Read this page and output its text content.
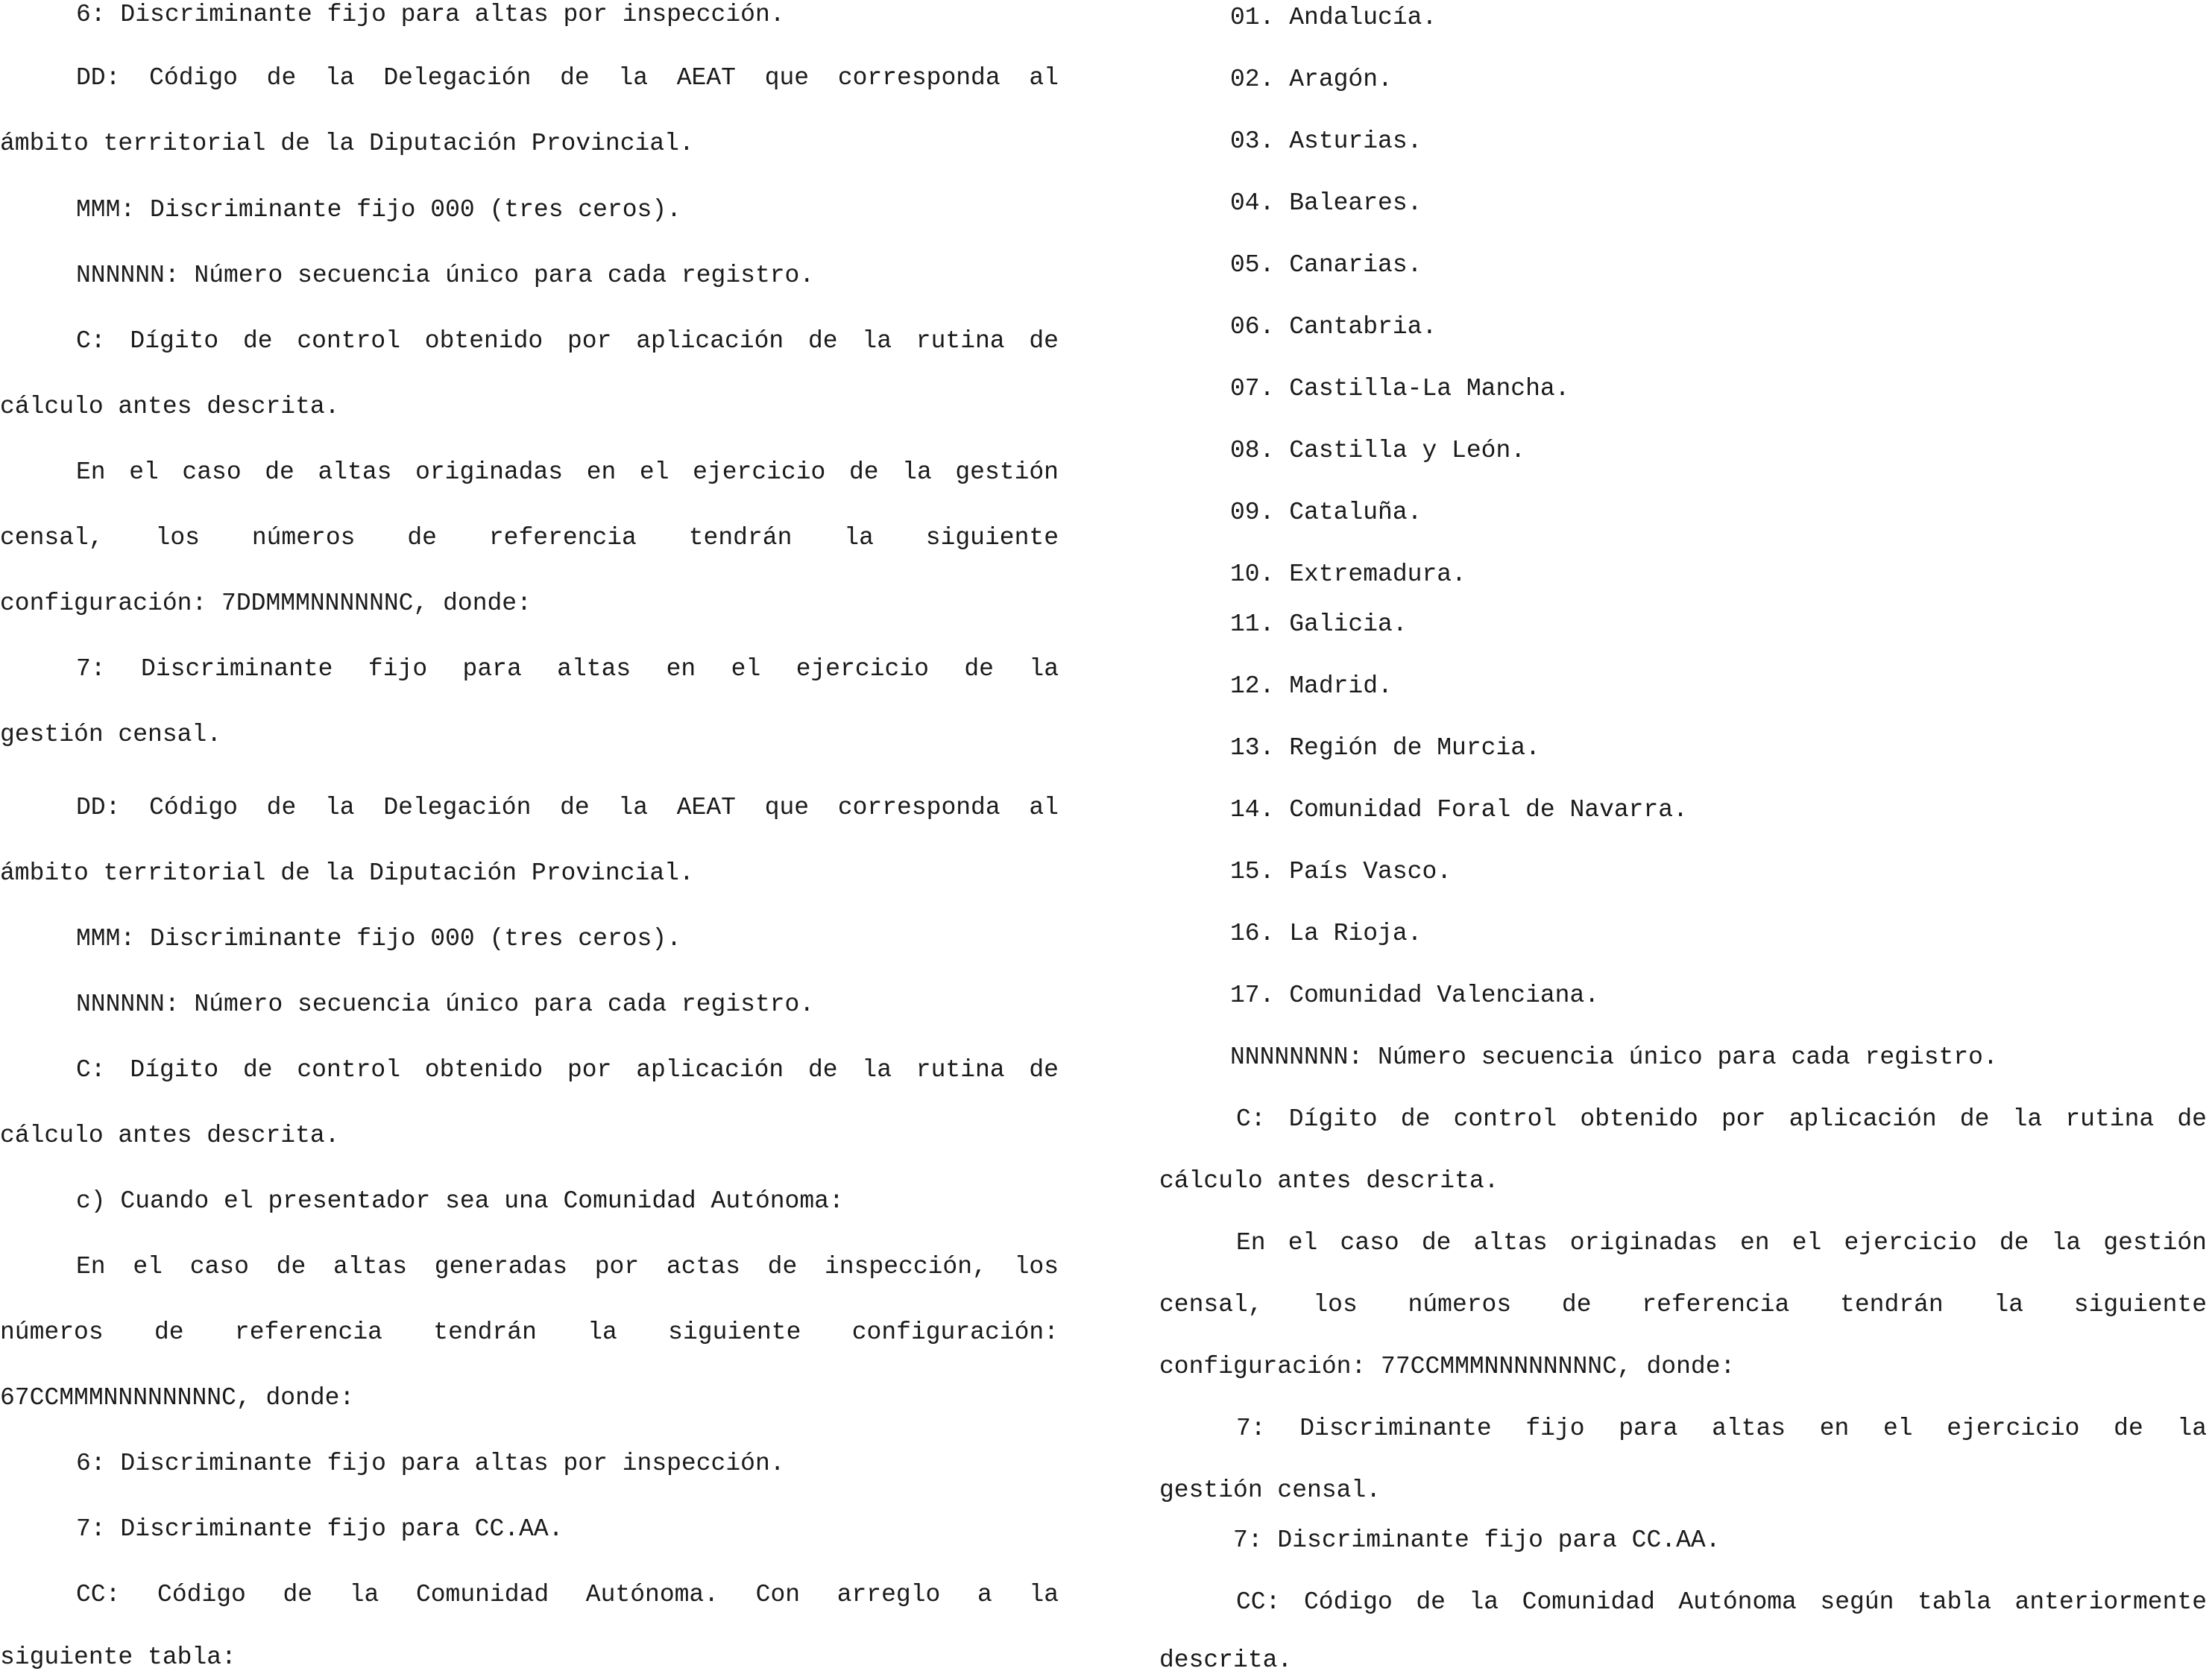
6: Discriminante fijo para altas por inspección.
DD: Código de la Delegación de la AEAT que corresponda al
ámbito territorial de la Diputación Provincial.
MMM: Discriminante fijo 000 (tres ceros).
NNNNNN: Número secuencia único para cada registro.
C: Dígito de control obtenido por aplicación de la rutina de
cálculo antes descrita.
En el caso de altas originadas en el ejercicio de la gestión
censal, los números de referencia tendrán la siguiente
configuración: 7DDMMMNNNNNNC, donde:
7: Discriminante fijo para altas en el ejercicio de la
gestión censal.
DD: Código de la Delegación de la AEAT que corresponda al
ámbito territorial de la Diputación Provincial.
MMM: Discriminante fijo 000 (tres ceros).
NNNNNN: Número secuencia único para cada registro.
C: Dígito de control obtenido por aplicación de la rutina de
cálculo antes descrita.
c) Cuando el presentador sea una Comunidad Autónoma:
En el caso de altas generadas por actas de inspección, los
números de referencia tendrán la siguiente configuración:
67CCMMMNNNNNNNNC, donde:
6: Discriminante fijo para altas por inspección.
7: Discriminante fijo para CC.AA.
CC: Código de la Comunidad Autónoma. Con arreglo a la
siguiente tabla:
01. Andalucía.
02. Aragón.
03. Asturias.
04. Baleares.
05. Canarias.
06. Cantabria.
07. Castilla-La Mancha.
08. Castilla y León.
09. Cataluña.
10. Extremadura.
11. Galicia.
12. Madrid.
13. Región de Murcia.
14. Comunidad Foral de Navarra.
15. País Vasco.
16. La Rioja.
17. Comunidad Valenciana.
NNNNNNNN: Número secuencia único para cada registro.
C: Dígito de control obtenido por aplicación de la rutina de
cálculo antes descrita.
En el caso de altas originadas en el ejercicio de la gestión
censal, los números de referencia tendrán la siguiente
configuración: 77CCMMMNNNNNNNNC, donde:
7: Discriminante fijo para altas en el ejercicio de la
gestión censal.
7: Discriminante fijo para CC.AA.
CC: Código de la Comunidad Autónoma según tabla anteriormente
descrita.
